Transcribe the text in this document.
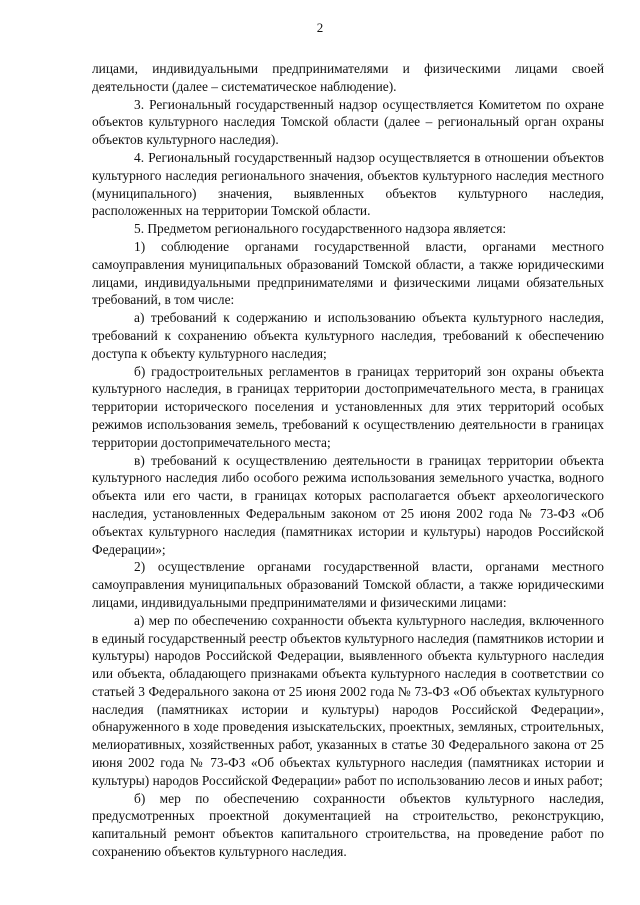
2

лицами, индивидуальными предпринимателями и физическими лицами своей деятельности (далее – систематическое наблюдение).

3. Региональный государственный надзор осуществляется Комитетом по охране объектов культурного наследия Томской области (далее – региональный орган охраны объектов культурного наследия).

4. Региональный государственный надзор осуществляется в отношении объектов культурного наследия регионального значения, объектов культурного наследия местного (муниципального) значения, выявленных объектов культурного наследия, расположенных на территории Томской области.

5. Предметом регионального государственного надзора является:

1) соблюдение органами государственной власти, органами местного самоуправления муниципальных образований Томской области, а также юридическими лицами, индивидуальными предпринимателями и физическими лицами обязательных требований, в том числе:

а) требований к содержанию и использованию объекта культурного наследия, требований к сохранению объекта культурного наследия, требований к обеспечению доступа к объекту культурного наследия;

б) градостроительных регламентов в границах территорий зон охраны объекта культурного наследия, в границах территории достопримечательного места, в границах территории исторического поселения и установленных для этих территорий особых режимов использования земель, требований к осуществлению деятельности в границах территории достопримечательного места;

в) требований к осуществлению деятельности в границах территории объекта культурного наследия либо особого режима использования земельного участка, водного объекта или его части, в границах которых располагается объект археологического наследия, установленных Федеральным законом от 25 июня 2002 года № 73-ФЗ «Об объектах культурного наследия (памятниках истории и культуры) народов Российской Федерации»;

2) осуществление органами государственной власти, органами местного самоуправления муниципальных образований Томской области, а также юридическими лицами, индивидуальными предпринимателями и физическими лицами:

а) мер по обеспечению сохранности объекта культурного наследия, включенного в единый государственный реестр объектов культурного наследия (памятников истории и культуры) народов Российской Федерации, выявленного объекта культурного наследия или объекта, обладающего признаками объекта культурного наследия в соответствии со статьей 3 Федерального закона от 25 июня 2002 года № 73-ФЗ «Об объектах культурного наследия (памятниках истории и культуры) народов Российской Федерации», обнаруженного в ходе проведения изыскательских, проектных, земляных, строительных, мелиоративных, хозяйственных работ, указанных в статье 30 Федерального закона от 25 июня 2002 года № 73-ФЗ «Об объектах культурного наследия (памятниках истории и культуры) народов Российской Федерации» работ по использованию лесов и иных работ;

б) мер по обеспечению сохранности объектов культурного наследия, предусмотренных проектной документацией на строительство, реконструкцию, капитальный ремонт объектов капитального строительства, на проведение работ по сохранению объектов культурного наследия.
